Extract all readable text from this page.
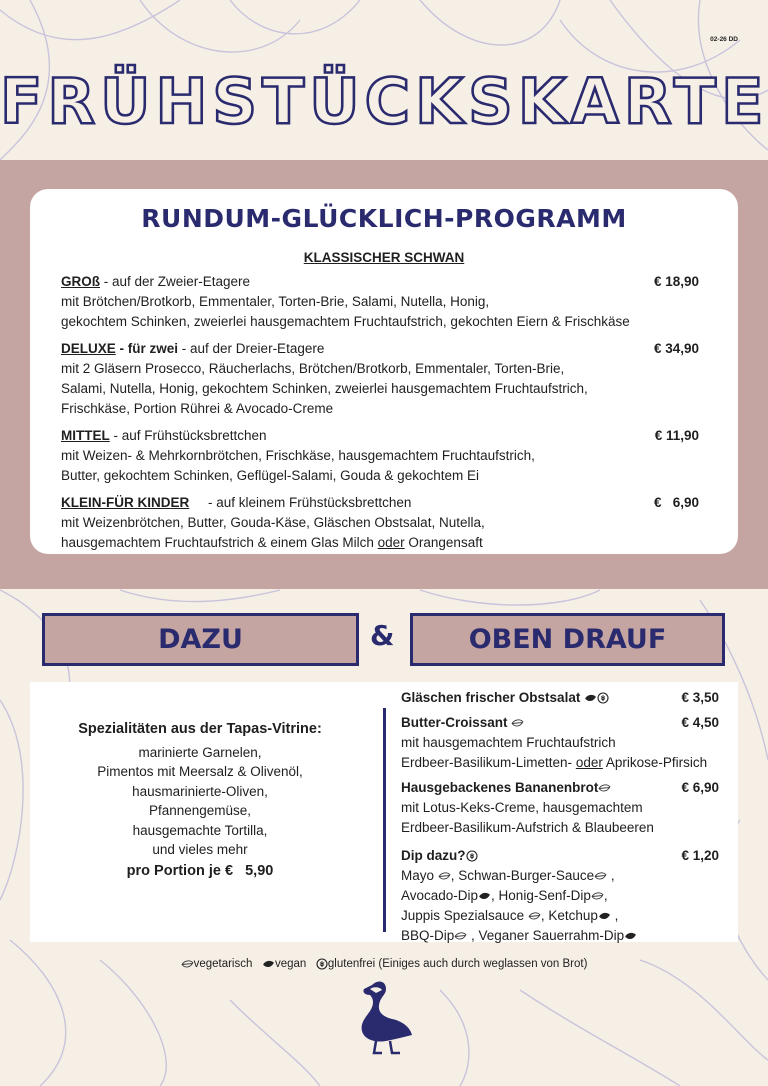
02-26 DD
FRÜHSTÜCKSKARTE
RUNDUM-GLÜCKLICH-PROGRAMM
KLASSISCHER SCHWAN
GROß - auf der Zweier-Etagere	€ 18,90
mit Brötchen/Brotkorb, Emmentaler, Torten-Brie, Salami, Nutella, Honig,
gekochtem Schinken, zweierlei hausgemachtem Fruchtaufstrich, gekochten Eiern & Frischkäse
DELUXE - für zwei - auf der Dreier-Etagere	€ 34,90
mit 2 Gläsern Prosecco, Räucherlachs, Brötchen/Brotkorb, Emmentaler, Torten-Brie,
Salami, Nutella, Honig, gekochtem Schinken, zweierlei hausgemachtem Fruchtaufstrich,
Frischkäse, Portion Rührei & Avocado-Creme
MITTEL - auf Frühstücksbrettchen	€ 11,90
mit Weizen- & Mehrkornbrötchen, Frischkäse, hausgemachtem Fruchtaufstrich,
Butter, gekochtem Schinken, Geflügel-Salami, Gouda & gekochtem Ei
KLEIN-FÜR KINDER     - auf kleinem Frühstücksbrettchen	€   6,90
mit Weizenbrötchen, Butter, Gouda-Käse, Gläschen Obstsalat, Nutella,
hausgemachtem Fruchtaufstrich & einem Glas Milch oder Orangensaft
DAZU	&	OBEN DRAUF
Spezialitäten aus der Tapas-Vitrine:
marinierte Garnelen,
Pimentos mit Meersalz & Olivenöl,
hausmarinierte-Oliven,
Pfannengemüse,
hausgemachte Tortilla,
und vieles mehr
pro Portion je €   5,90
Gläschen frischer Obstsalat	€ 3,50
Butter-Croissant	€ 4,50
mit hausgemachtem Fruchtaufstrich
Erdbeer-Basilikum-Limetten- oder Aprikose-Pfirsich
Hausgebackenes Bananenbrot	€ 6,90
mit Lotus-Keks-Creme, hausgemachtem
Erdbeer-Basilikum-Aufstrich & Blaubeeren
Dip dazu?	€ 1,20
Mayo , Schwan-Burger-Sauce ,
Avocado-Dip , Honig-Senf-Dip ,
Juppis Spezialsauce , Ketchup ,
BBQ-Dip , Veganer Sauerrahm-Dip
vegetarisch vegan glutenfrei (Einiges auch durch weglassen von Brot)
